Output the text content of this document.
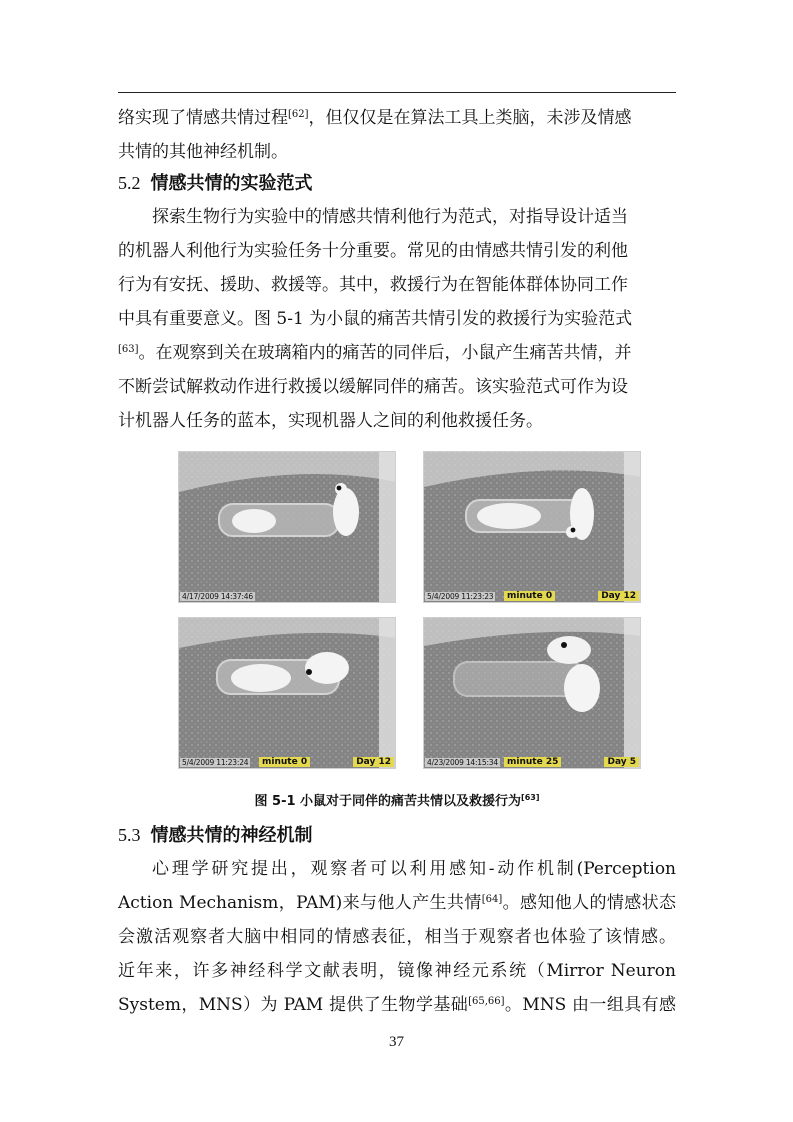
络实现了情感共情过程[62]，但仅仅是在算法工具上类脑，未涉及情感
共情的其他神经机制。
5.2 情感共情的实验范式
探索生物行为实验中的情感共情利他行为范式，对指导设计适当
的机器人利他行为实验任务十分重要。常见的由情感共情引发的利他
行为有安抚、援助、救援等。其中，救援行为在智能体群体协同工作
中具有重要意义。图 5-1 为小鼠的痛苦共情引发的救援行为实验范式
[63]。在观察到关在玻璃箱内的痛苦的同伴后，小鼠产生痛苦共情，并
不断尝试解救动作进行救援以缓解同伴的痛苦。该实验范式可作为设
计机器人任务的蓝本，实现机器人之间的利他救援任务。
4/17/2009 14:37:46	5/4/2009 11:23:23	minute 0	Day 12
5/4/2009 11:23:24	minute 0	Day 12	4/23/2009 14:15:34	minute 25	Day 5

图 5-1 小鼠对于同伴的痛苦共情以及救援行为[63]

5.3 情感共情的神经机制
心理学研究提出，观察者可以利用感知-动作机制(Perception
Action Mechanism，PAM)来与他人产生共情[64]。感知他人的情感状态
会激活观察者大脑中相同的情感表征，相当于观察者也体验了该情感。
近年来，许多神经科学文献表明，镜像神经元系统（Mirror Neuron
System，MNS）为 PAM 提供了生物学基础[65,66]。MNS 由一组具有感
37
